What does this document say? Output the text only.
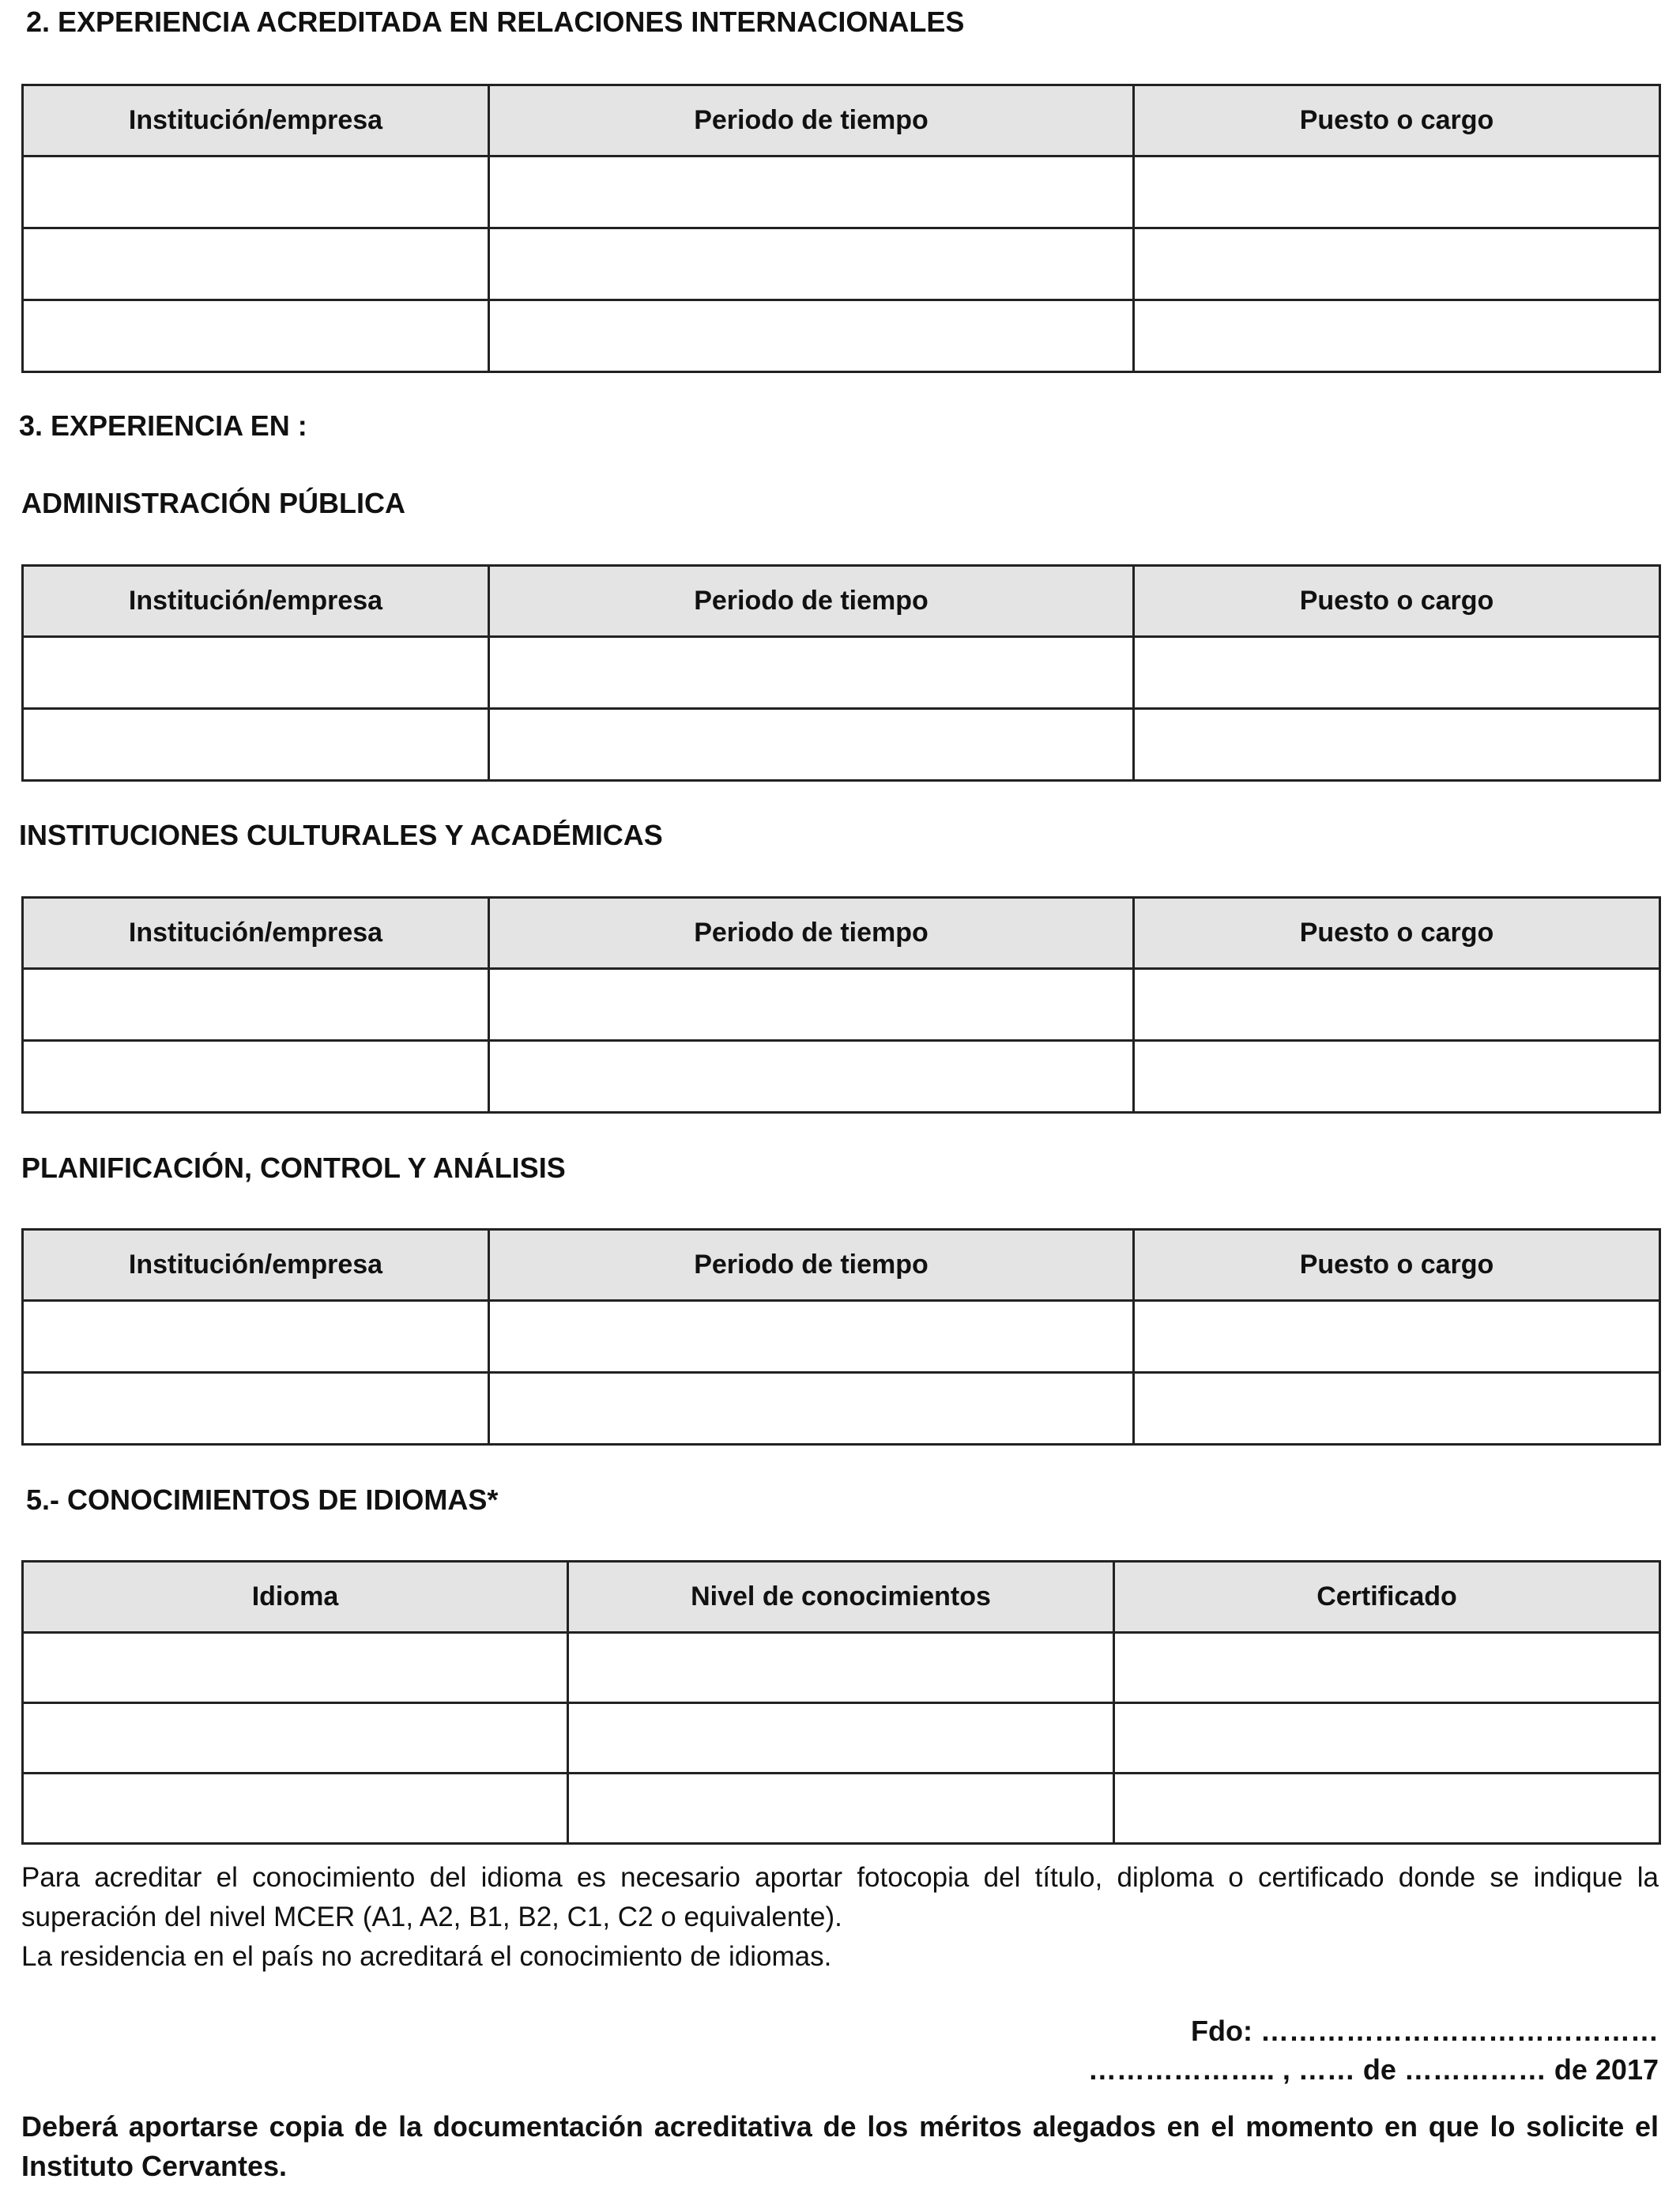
2. EXPERIENCIA ACREDITADA EN RELACIONES INTERNACIONALES
Institución/empresa	Periodo de tiempo	Puesto o cargo

3. EXPERIENCIA EN :
ADMINISTRACIÓN PÚBLICA
Institución/empresa	Periodo de tiempo	Puesto o cargo

INSTITUCIONES CULTURALES Y ACADÉMICAS
Institución/empresa	Periodo de tiempo	Puesto o cargo

PLANIFICACIÓN, CONTROL Y ANÁLISIS
Institución/empresa	Periodo de tiempo	Puesto o cargo

5.- CONOCIMIENTOS DE IDIOMAS*
Idioma	Nivel de conocimientos	Certificado

Para acreditar el conocimiento del idioma es necesario aportar fotocopia del título, diploma o certificado donde se indique la superación del nivel MCER (A1, A2, B1, B2, C1, C2 o equivalente).

La residencia en el país no acreditará el conocimiento de idiomas.

Fdo: ……………………………………
……………….. , …… de …………… de 2017
Deberá aportarse copia de la documentación acreditativa de los méritos alegados en el momento en que lo solicite el Instituto Cervantes.
